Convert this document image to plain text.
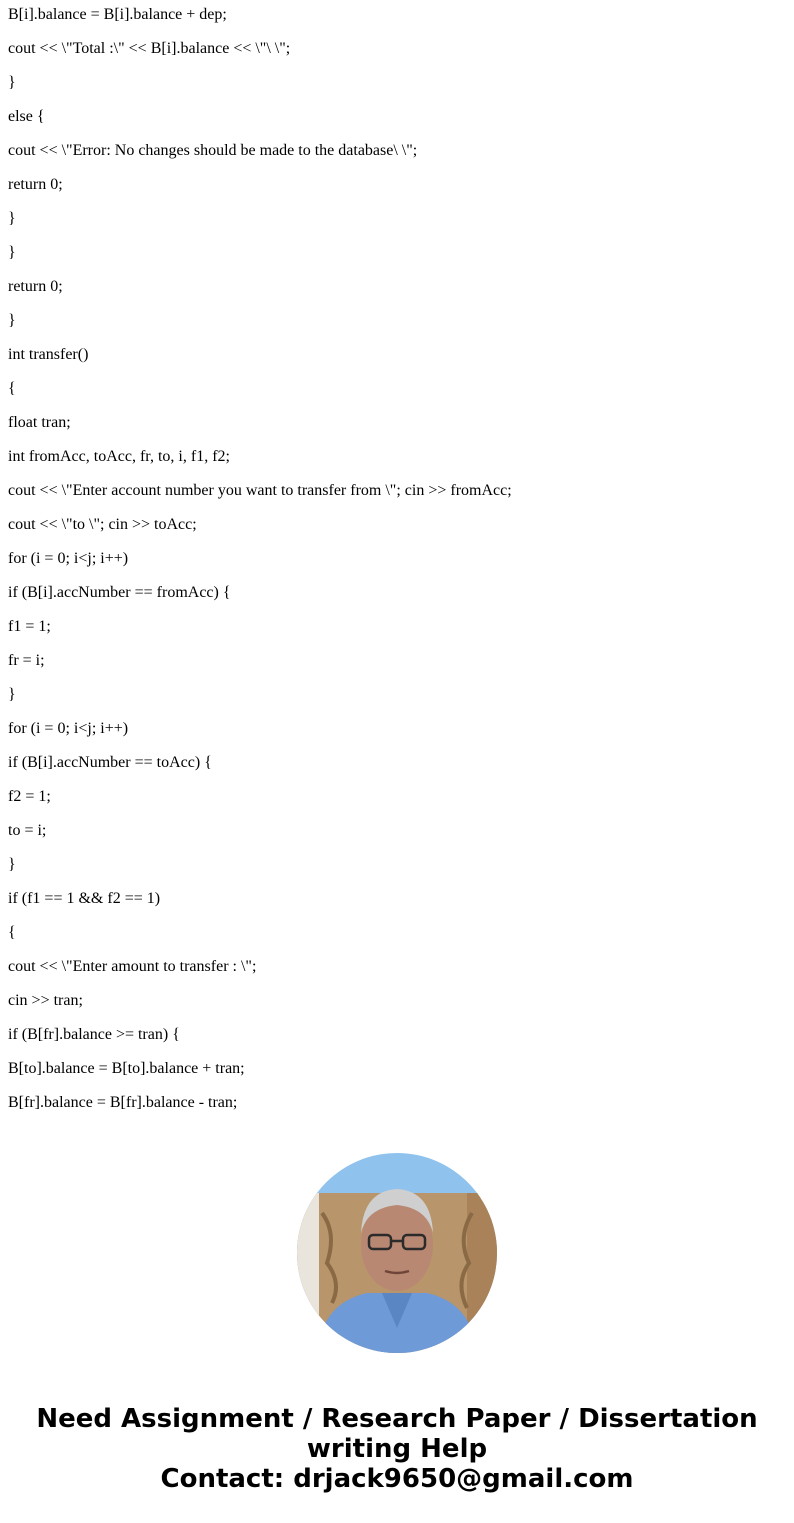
B[i].balance = B[i].balance + dep;
cout << \"Total :\" << B[i].balance << \"\ \";
}
else {
cout << \"Error: No changes should be made to the database\ \";
return 0;
}
}
return 0;
}
int transfer()
{
float tran;
int fromAcc, toAcc, fr, to, i, f1, f2;
cout << \"Enter account number you want to transfer from \"; cin >> fromAcc;
cout << \"to \"; cin >> toAcc;
for (i = 0; i<j; i++)
if (B[i].accNumber == fromAcc) {
f1 = 1;
fr = i;
}
for (i = 0; i<j; i++)
if (B[i].accNumber == toAcc) {
f2 = 1;
to = i;
}
if (f1 == 1 && f2 == 1)
{
cout << \"Enter amount to transfer : \";
cin >> tran;
if (B[fr].balance >= tran) {
B[to].balance = B[to].balance + tran;
B[fr].balance = B[fr].balance - tran;
Need Assignment / Research Paper / Dissertation
writing Help
Contact: drjack9650@gmail.com
